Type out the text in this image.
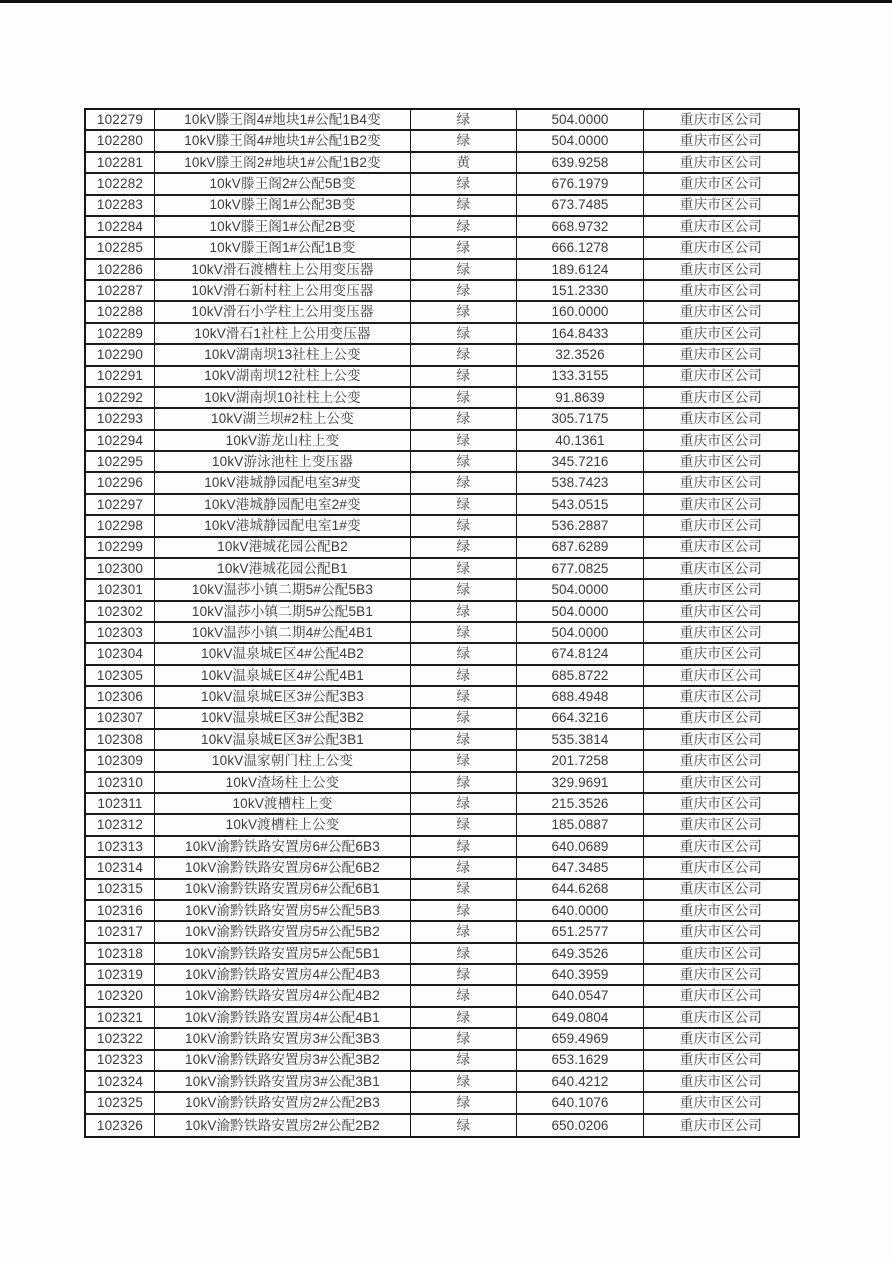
102279	10kV滕王阁4#地块1#公配1B4变	绿	504.0000	重庆市区公司
102280	10kV滕王阁4#地块1#公配1B2变	绿	504.0000	重庆市区公司
102281	10kV滕王阁2#地块1#公配1B2变	黄	639.9258	重庆市区公司
102282	10kV滕王阁2#公配5B变	绿	676.1979	重庆市区公司
102283	10kV滕王阁1#公配3B变	绿	673.7485	重庆市区公司
102284	10kV滕王阁1#公配2B变	绿	668.9732	重庆市区公司
102285	10kV滕王阁1#公配1B变	绿	666.1278	重庆市区公司
102286	10kV滑石渡槽柱上公用变压器	绿	189.6124	重庆市区公司
102287	10kV滑石新村柱上公用变压器	绿	151.2330	重庆市区公司
102288	10kV滑石小学柱上公用变压器	绿	160.0000	重庆市区公司
102289	10kV滑石1社柱上公用变压器	绿	164.8433	重庆市区公司
102290	10kV湖南坝13社柱上公变	绿	32.3526	重庆市区公司
102291	10kV湖南坝12社柱上公变	绿	133.3155	重庆市区公司
102292	10kV湖南坝10社柱上公变	绿	91.8639	重庆市区公司
102293	10kV湖兰坝#2柱上公变	绿	305.7175	重庆市区公司
102294	10kV游龙山柱上变	绿	40.1361	重庆市区公司
102295	10kV游泳池柱上变压器	绿	345.7216	重庆市区公司
102296	10kV港城静园配电室3#变	绿	538.7423	重庆市区公司
102297	10kV港城静园配电室2#变	绿	543.0515	重庆市区公司
102298	10kV港城静园配电室1#变	绿	536.2887	重庆市区公司
102299	10kV港城花园公配B2	绿	687.6289	重庆市区公司
102300	10kV港城花园公配B1	绿	677.0825	重庆市区公司
102301	10kV温莎小镇二期5#公配5B3	绿	504.0000	重庆市区公司
102302	10kV温莎小镇二期5#公配5B1	绿	504.0000	重庆市区公司
102303	10kV温莎小镇二期4#公配4B1	绿	504.0000	重庆市区公司
102304	10kV温泉城E区4#公配4B2	绿	674.8124	重庆市区公司
102305	10kV温泉城E区4#公配4B1	绿	685.8722	重庆市区公司
102306	10kV温泉城E区3#公配3B3	绿	688.4948	重庆市区公司
102307	10kV温泉城E区3#公配3B2	绿	664.3216	重庆市区公司
102308	10kV温泉城E区3#公配3B1	绿	535.3814	重庆市区公司
102309	10kV温家朝门柱上公变	绿	201.7258	重庆市区公司
102310	10kV渣场柱上公变	绿	329.9691	重庆市区公司
102311	10kV渡槽柱上变	绿	215.3526	重庆市区公司
102312	10kV渡槽柱上公变	绿	185.0887	重庆市区公司
102313	10kV渝黔铁路安置房6#公配6B3	绿	640.0689	重庆市区公司
102314	10kV渝黔铁路安置房6#公配6B2	绿	647.3485	重庆市区公司
102315	10kV渝黔铁路安置房6#公配6B1	绿	644.6268	重庆市区公司
102316	10kV渝黔铁路安置房5#公配5B3	绿	640.0000	重庆市区公司
102317	10kV渝黔铁路安置房5#公配5B2	绿	651.2577	重庆市区公司
102318	10kV渝黔铁路安置房5#公配5B1	绿	649.3526	重庆市区公司
102319	10kV渝黔铁路安置房4#公配4B3	绿	640.3959	重庆市区公司
102320	10kV渝黔铁路安置房4#公配4B2	绿	640.0547	重庆市区公司
102321	10kV渝黔铁路安置房4#公配4B1	绿	649.0804	重庆市区公司
102322	10kV渝黔铁路安置房3#公配3B3	绿	659.4969	重庆市区公司
102323	10kV渝黔铁路安置房3#公配3B2	绿	653.1629	重庆市区公司
102324	10kV渝黔铁路安置房3#公配3B1	绿	640.4212	重庆市区公司
102325	10kV渝黔铁路安置房2#公配2B3	绿	640.1076	重庆市区公司
102326	10kV渝黔铁路安置房2#公配2B2	绿	650.0206	重庆市区公司
